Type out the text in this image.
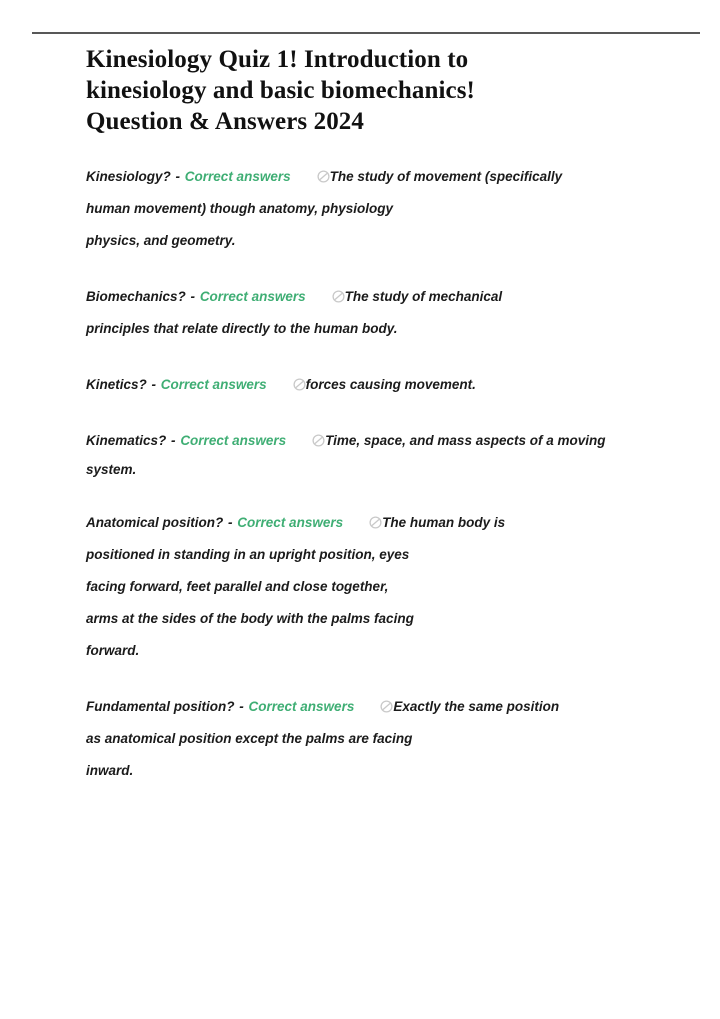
Kinesiology Quiz 1! Introduction to kinesiology and basic biomechanics! Question & Answers 2024
Kinesiology? - Correct answers	The study of movement (specifically
human movement) though anatomy, physiology
physics, and geometry.
Biomechanics? - Correct answers	The study of mechanical
principles that relate directly to the human body.
Kinetics? - Correct answers	forces causing movement.
Kinematics? - Correct answers	Time, space, and mass aspects of a moving
system.
Anatomical position? - Correct answers	The human body is
positioned in standing in an upright position, eyes
facing forward, feet parallel and close together,
arms at the sides of the body with the palms facing
forward.
Fundamental position? - Correct answers	Exactly the same position
as anatomical position except the palms are facing
inward.
